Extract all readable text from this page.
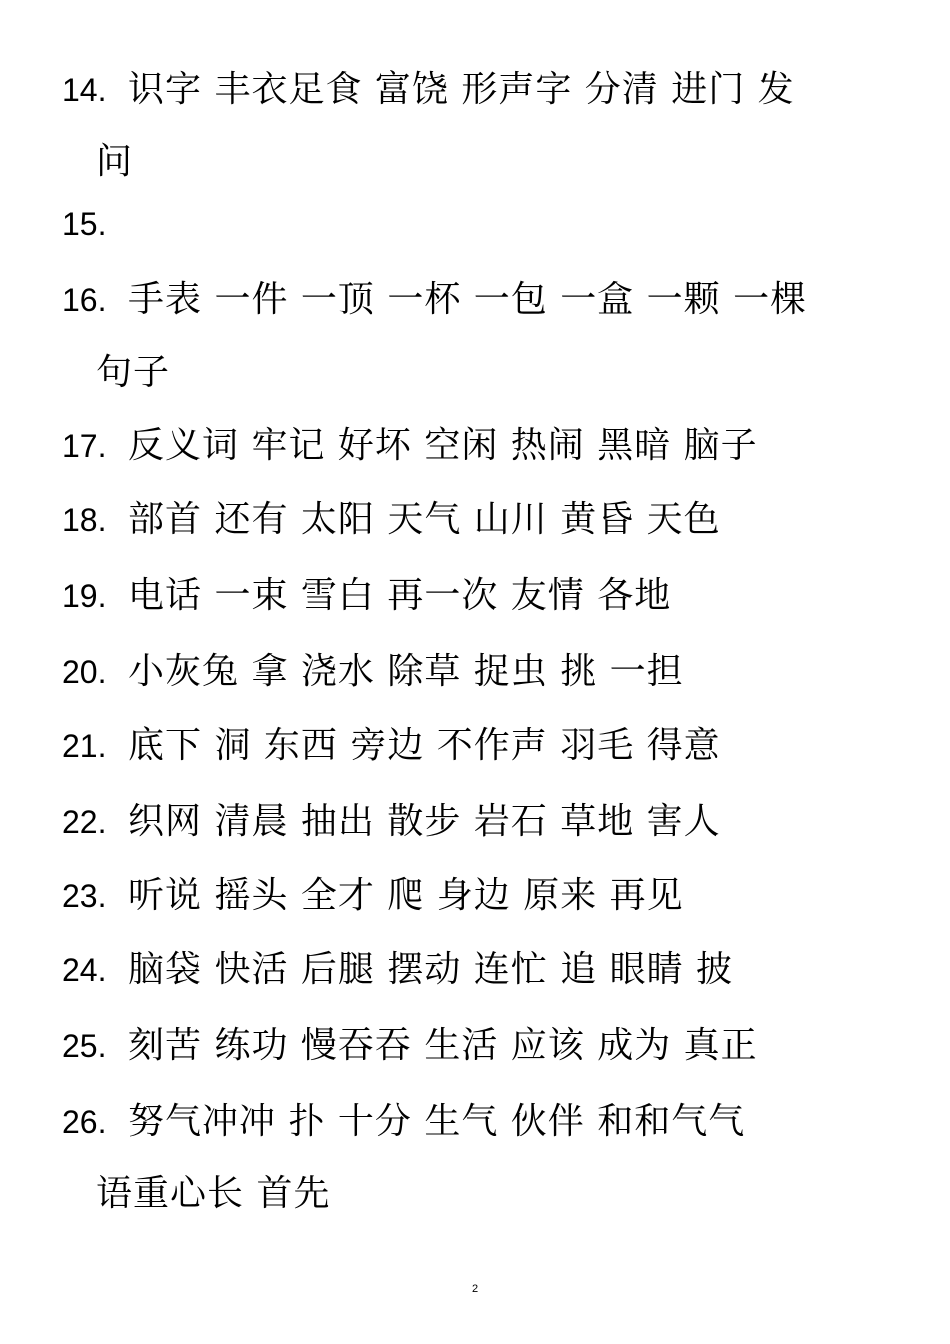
14. 识字 丰衣足食 富饶 形声字 分清 进门 发
问
15.
16. 手表 一件 一顶 一杯 一包 一盒 一颗 一棵
句子
17. 反义词 牢记 好坏 空闲 热闹 黑暗 脑子
18. 部首 还有 太阳 天气 山川 黄昏 天色
19. 电话 一束 雪白 再一次 友情 各地
20. 小灰兔 拿 浇水 除草 捉虫 挑 一担
21. 底下 洞 东西 旁边 不作声 羽毛 得意
22. 织网 清晨 抽出 散步 岩石 草地 害人
23. 听说 摇头 全才 爬 身边 原来 再见
24. 脑袋 快活 后腿 摆动 连忙 追 眼睛 披
25. 刻苦 练功 慢吞吞 生活 应该 成为 真正
26. 努气冲冲 扑 十分 生气 伙伴 和和气气
语重心长 首先
2
